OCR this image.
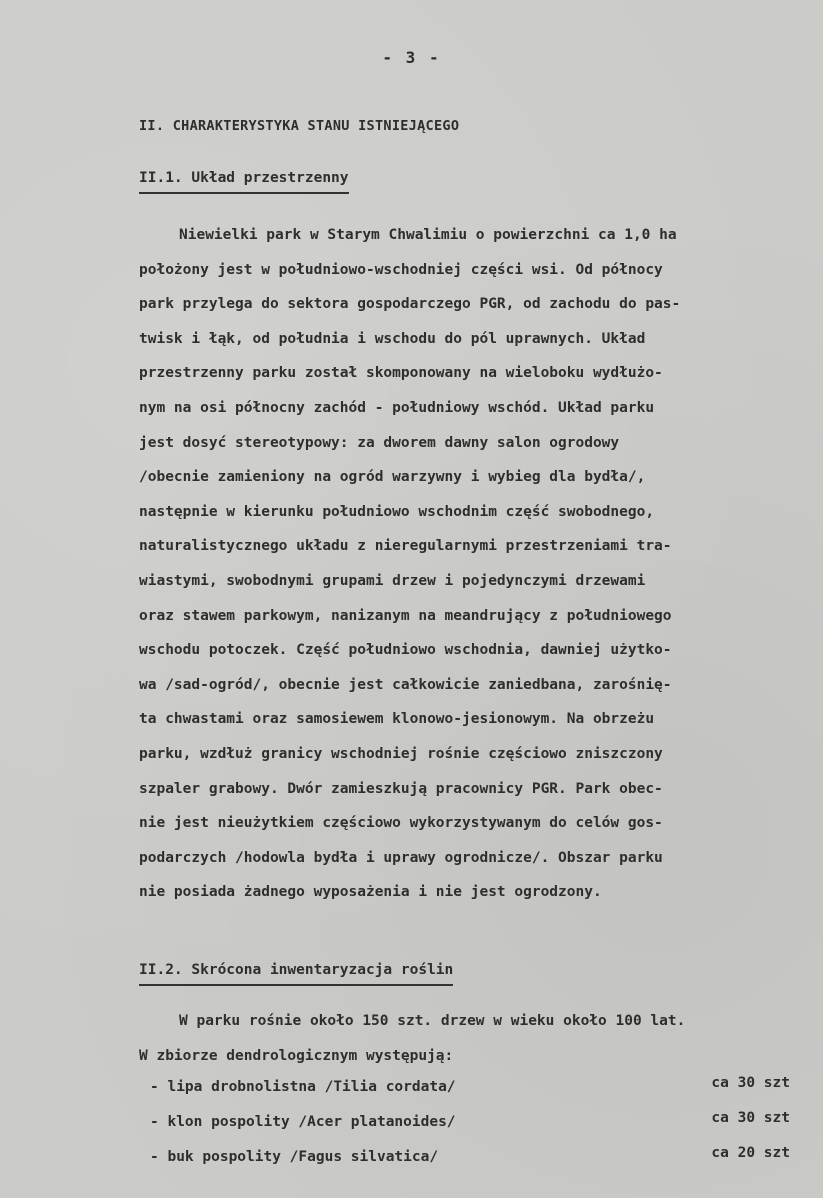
- 3 -
II. CHARAKTERYSTYKA STANU ISTNIEJĄCEGO
II.1. Układ przestrzenny
Niewielki park w Starym Chwalimiu o powierzchni ca 1,0 ha
położony jest w południowo-wschodniej części wsi. Od północy
park przylega do sektora gospodarczego PGR, od zachodu do pas-
twisk i łąk, od południa i wschodu do pól uprawnych. Układ
przestrzenny parku został skomponowany na wieloboku wydłużo-
nym na osi północny zachód - południowy wschód. Układ parku
jest dosyć stereotypowy: za dworem dawny salon ogrodowy
/obecnie zamieniony na ogród warzywny i wybieg dla bydła/,
następnie w kierunku południowo wschodnim część swobodnego,
naturalistycznego układu z nieregularnymi przestrzeniami tra-
wiastymi, swobodnymi grupami drzew i pojedynczymi drzewami
oraz stawem parkowym, nanizanym na meandrujący z południowego
wschodu potoczek. Część południowo wschodnia, dawniej użytko-
wa /sad-ogród/, obecnie jest całkowicie zaniedbana, zarośnię-
ta chwastami oraz samosiewem klonowo-jesionowym. Na obrzeżu
parku, wzdłuż granicy wschodniej rośnie częściowo zniszczony
szpaler grabowy. Dwór zamieszkują pracownicy PGR. Park obec-
nie jest nieużytkiem częściowo wykorzystywanym do celów gos-
podarczych /hodowla bydła i uprawy ogrodnicze/. Obszar parku
nie posiada żadnego wyposażenia i nie jest ogrodzony.
II.2. Skrócona inwentaryzacja roślin
W parku rośnie około 150 szt. drzew w wieku około 100 lat.
W zbiorze dendrologicznym występują:
- lipa drobnolistna /Tilia cordata/	ca 30 szt
- klon pospolity /Acer platanoides/	ca 30 szt
- buk pospolity /Fagus silvatica/	ca 20 szt
